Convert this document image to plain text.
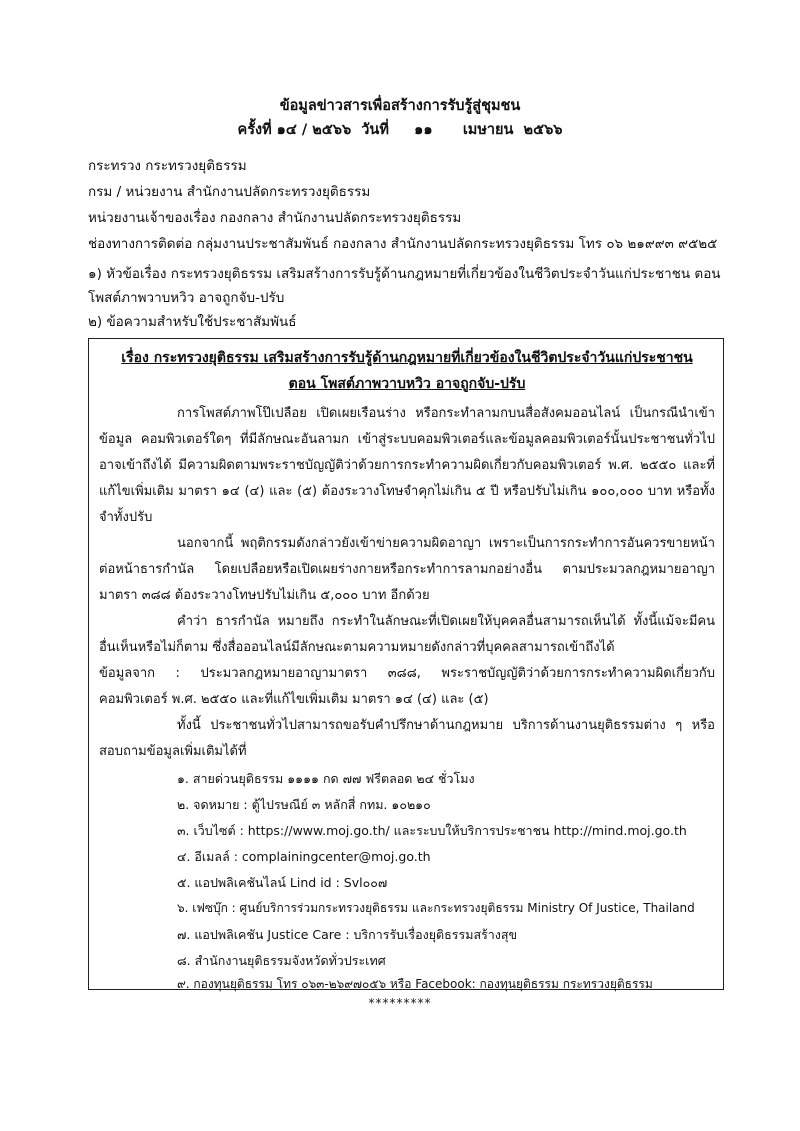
ข้อมูลข่าวสารเพื่อสร้างการรับรู้สู่ชุมชน
ครั้งที่ ๑๔ / ๒๕๖๖  วันที่     ๑๑      เมษายน  ๒๕๖๖
กระทรวง กระทรวงยุติธรรม
กรม / หน่วยงาน สำนักงานปลัดกระทรวงยุติธรรม
หน่วยงานเจ้าของเรื่อง กองกลาง สำนักงานปลัดกระทรวงยุติธรรม
ช่องทางการติดต่อ กลุ่มงานประชาสัมพันธ์ กองกลาง สำนักงานปลัดกระทรวงยุติธรรม โทร ๐๖ ๒๑๙๙๓ ๙๕๒๕
๑) หัวข้อเรื่อง กระทรวงยุติธรรม เสริมสร้างการรับรู้ด้านกฎหมายที่เกี่ยวข้องในชีวิตประจำวันแก่ประชาชน ตอน โพสต์ภาพวาบหวิว อาจถูกจับ-ปรับ
๒) ข้อความสำหรับใช้ประชาสัมพันธ์
เรื่อง กระทรวงยุติธรรม เสริมสร้างการรับรู้ด้านกฎหมายที่เกี่ยวข้องในชีวิตประจำวันแก่ประชาชน
ตอน โพสต์ภาพวาบหวิว อาจถูกจับ-ปรับ
การโพสต์ภาพโป๊เปลือย เปิดเผยเรือนร่าง หรือกระทำลามกบนสื่อสังคมออนไลน์ เป็นกรณีนำเข้าข้อมูล คอมพิวเตอร์ใดๆ ที่มีลักษณะอันลามก เข้าสู่ระบบคอมพิวเตอร์และข้อมูลคอมพิวเตอร์นั้นประชาชนทั่วไปอาจเข้าถึงได้ มีความผิดตามพระราชบัญญัติว่าด้วยการกระทำความผิดเกี่ยวกับคอมพิวเตอร์ พ.ศ. ๒๕๕๐ และที่แก้ไขเพิ่มเติม มาตรา ๑๔ (๔) และ (๕) ต้องระวางโทษจำคุกไม่เกิน ๕ ปี หรือปรับไม่เกิน ๑๐๐,๐๐๐ บาท หรือทั้งจำทั้งปรับ
นอกจากนี้ พฤติกรรมดังกล่าวยังเข้าข่ายความผิดอาญา เพราะเป็นการกระทำการอันควรขายหน้าต่อหน้าธารกำนัล โดยเปลือยหรือเปิดเผยร่างกายหรือกระทำการลามกอย่างอื่น ตามประมวลกฎหมายอาญา มาตรา ๓๘๘ ต้องระวางโทษปรับไม่เกิน ๕,๐๐๐ บาท อีกด้วย
คำว่า ธารกำนัล หมายถึง กระทำในลักษณะที่เปิดเผยให้บุคคลอื่นสามารถเห็นได้ ทั้งนี้แม้จะมีคนอื่นเห็นหรือไม่ก็ตาม ซึ่งสื่อออนไลน์มีลักษณะตามความหมายดังกล่าวที่บุคคลสามารถเข้าถึงได้
ข้อมูลจาก : ประมวลกฎหมายอาญามาตรา ๓๘๘, พระราชบัญญัติว่าด้วยการกระทำความผิดเกี่ยวกับคอมพิวเตอร์ พ.ศ. ๒๕๕๐ และที่แก้ไขเพิ่มเติม มาตรา ๑๔ (๔) และ (๕)
ทั้งนี้ ประชาชนทั่วไปสามารถขอรับคำปรึกษาด้านกฎหมาย บริการด้านงานยุติธรรมต่าง ๆ หรือสอบถามข้อมูลเพิ่มเติมได้ที่
๑. สายด่วนยุติธรรม ๑๑๑๑ กด ๗๗ ฟรีตลอด ๒๔ ชั่วโมง
๒. จดหมาย : ตู้ไปรษณีย์ ๓ หลักสี่ กทม. ๑๐๒๑๐
๓. เว็บไซต์ : https://www.moj.go.th/ และระบบให้บริการประชาชน http://mind.moj.go.th
๔. อีเมลล์ : complainingcenter@moj.go.th
๕. แอปพลิเคชันไลน์ Lind id : Svl๐๐๗
๖. เฟซบุ๊ก : ศูนย์บริการร่วมกระทรวงยุติธรรม และกระทรวงยุติธรรม Ministry Of Justice, Thailand
๗. แอปพลิเคชัน Justice Care : บริการรับเรื่องยุติธรรมสร้างสุข
๘. สำนักงานยุติธรรมจังหวัดทั่วประเทศ
๙. กองทุนยุติธรรม โทร ๐๖๓-๒๖๙๗๐๕๖ หรือ Facebook: กองทุนยุติธรรม กระทรวงยุติธรรม
*********
